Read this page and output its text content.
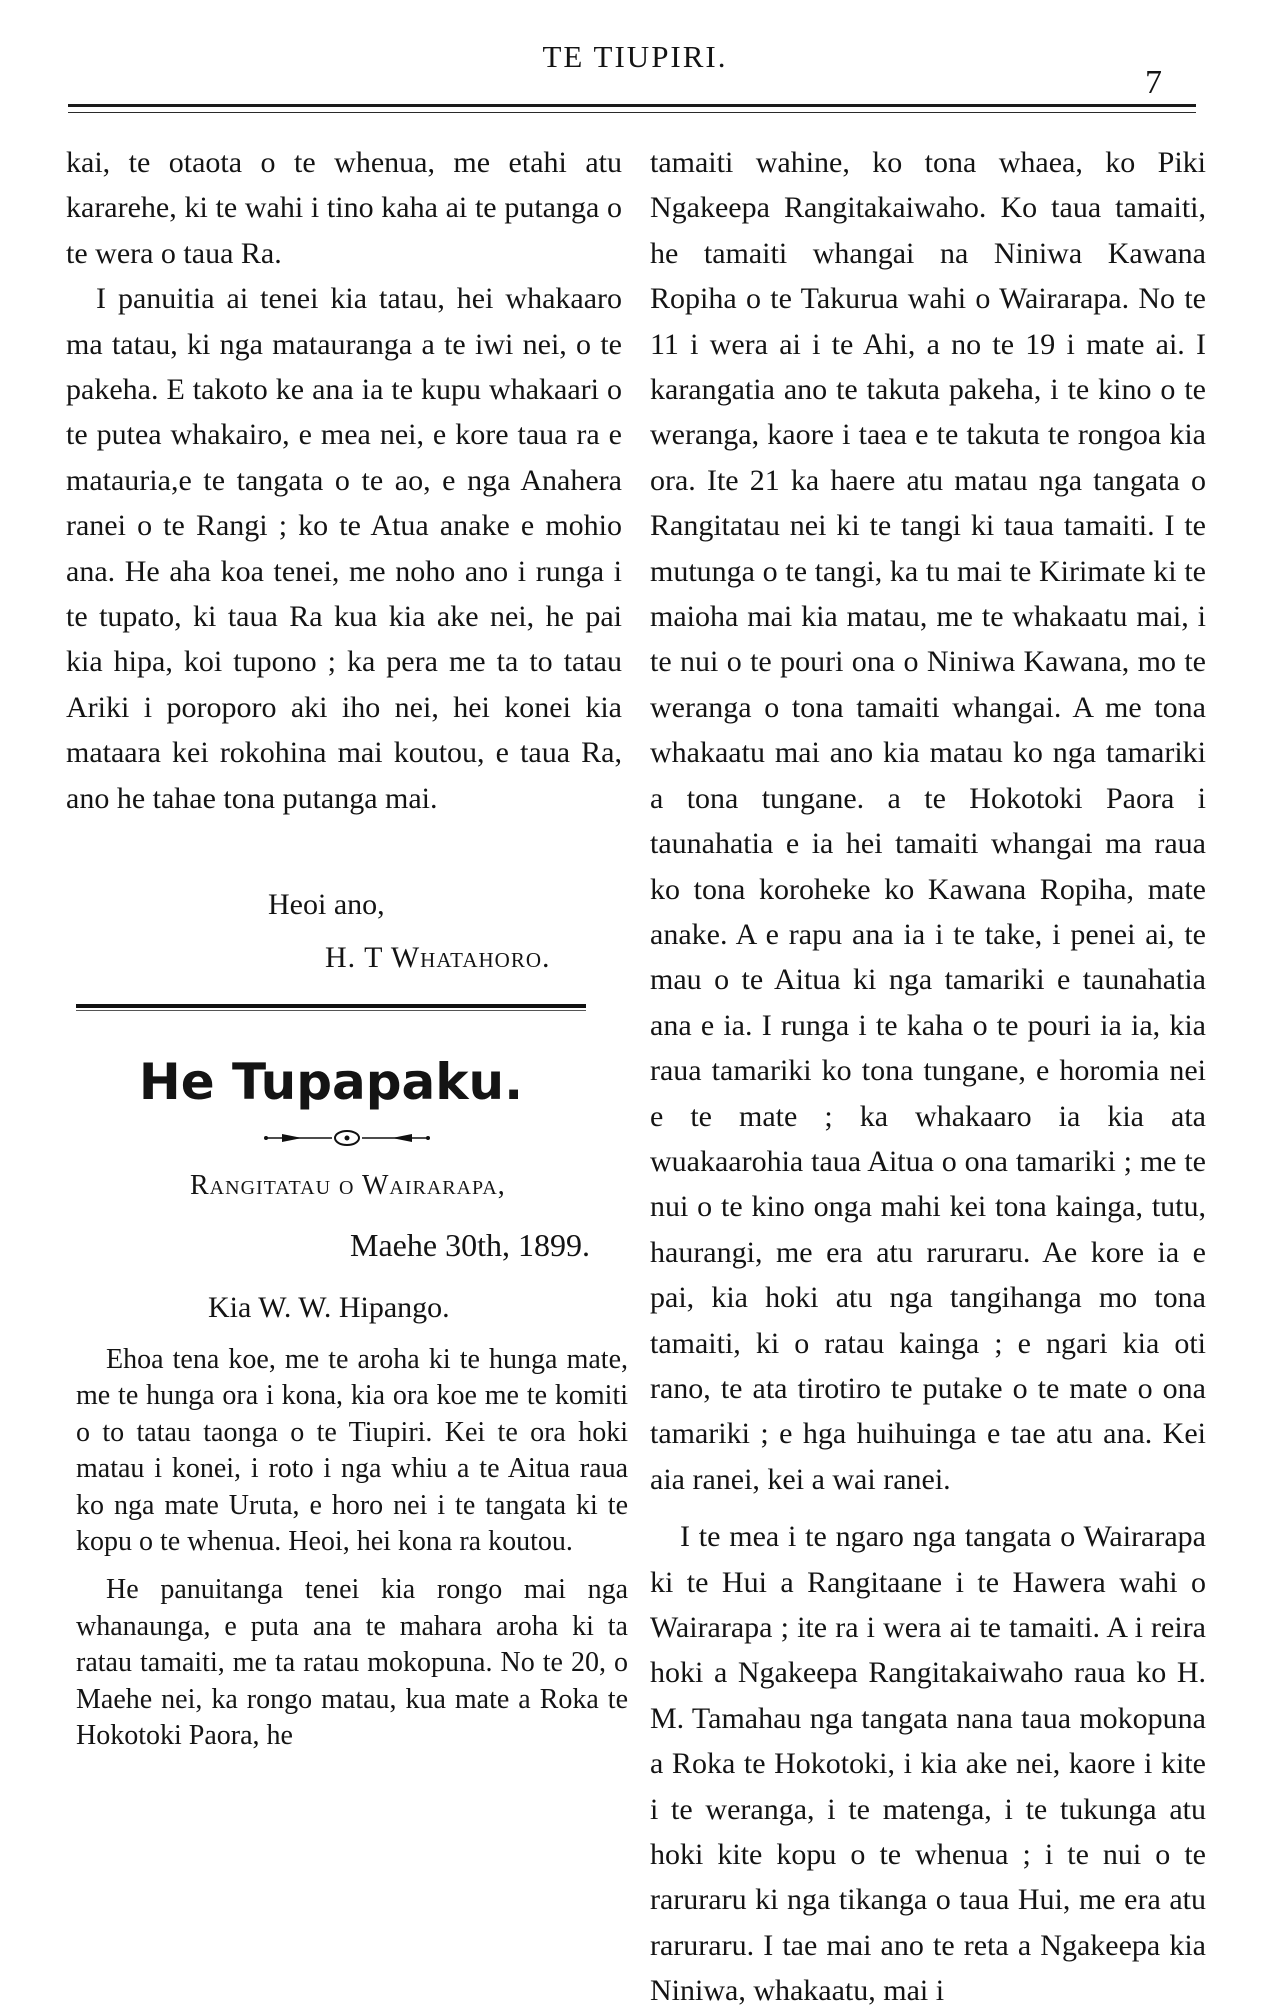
TE TIUPIRI.
7

kai, te otaota o te whenua, me etahi atu kararehe, ki te wahi i tino kaha ai te putanga o te wera o taua Ra.

I panuitia ai tenei kia tatau, hei whakaaro ma tatau, ki nga matauranga a te iwi nei, o te pakeha. E takoto ke ana ia te kupu whakaari o te putea whakairo, e mea nei, e kore taua ra e matauria,e te tangata o te ao, e nga Anahera ranei o te Rangi ; ko te Atua anake e mohio ana. He aha koa tenei, me noho ano i runga i te tupato, ki taua Ra kua kia ake nei, he pai kia hipa, koi tupono ; ka pera me ta to tatau Ariki i poroporo aki iho nei, hei konei kia mataara kei rokohina mai koutou, e taua Ra, ano he tahae tona putanga mai.

Heoi ano,
H. T Whatahoro.
He Tupapaku.
Rangitatau o Wairarapa,
Maehe 30th, 1899.
Kia W. W. Hipango.

Ehoa tena koe, me te aroha ki te hunga mate, me te hunga ora i kona, kia ora koe me te komiti o to tatau taonga o te Tiupiri. Kei te ora hoki matau i konei, i roto i nga whiu a te Aitua raua ko nga mate Uruta, e horo nei i te tangata ki te kopu o te whenua. Heoi, hei kona ra koutou.

He panuitanga tenei kia rongo mai nga whanaunga, e puta ana te mahara aroha ki ta ratau tamaiti, me ta ratau mokopuna. No te 20, o Maehe nei, ka rongo matau, kua mate a Roka te Hokotoki Paora, he

tamaiti wahine, ko tona whaea, ko Piki Ngakeepa Rangitakaiwaho. Ko taua tamaiti, he tamaiti whangai na Niniwa Kawana Ropiha o te Takurua wahi o Wairarapa. No te 11 i wera ai i te Ahi, a no te 19 i mate ai. I karangatia ano te takuta pakeha, i te kino o te weranga, kaore i taea e te takuta te rongoa kia ora. Ite 21 ka haere atu matau nga tangata o Rangitatau nei ki te tangi ki taua tamaiti. I te mutunga o te tangi, ka tu mai te Kirimate ki te maioha mai kia matau, me te whakaatu mai, i te nui o te pouri ona o Niniwa Kawana, mo te weranga o tona tamaiti whangai. A me tona whakaatu mai ano kia matau ko nga tamariki a tona tungane. a te Hokotoki Paora i taunahatia e ia hei tamaiti whangai ma raua ko tona koroheke ko Kawana Ropiha, mate anake. A e rapu ana ia i te take, i penei ai, te mau o te Aitua ki nga tamariki e taunahatia ana e ia. I runga i te kaha o te pouri ia ia, kia raua tamariki ko tona tungane, e horomia nei e te mate ; ka whakaaro ia kia ata wuakaarohia taua Aitua o ona tamariki ; me te nui o te kino onga mahi kei tona kainga, tutu, haurangi, me era atu raruraru. Ae kore ia e pai, kia hoki atu nga tangihanga mo tona tamaiti, ki o ratau kainga ; e ngari kia oti rano, te ata tirotiro te putake o te mate o ona tamariki ; e hga huihuinga e tae atu ana. Kei aia ranei, kei a wai ranei.

I te mea i te ngaro nga tangata o Wairarapa ki te Hui a Rangitaane i te Hawera wahi o Wairarapa ; ite ra i wera ai te tamaiti. A i reira hoki a Ngakeepa Rangitakaiwaho raua ko H. M. Tamahau nga tangata nana taua mokopuna a Roka te Hokotoki, i kia ake nei, kaore i kite i te weranga, i te matenga, i te tukunga atu hoki kite kopu o te whenua ; i te nui o te raruraru ki nga tikanga o taua Hui, me era atu raruraru. I tae mai ano te reta a Ngakeepa kia Niniwa, whakaatu, mai i
